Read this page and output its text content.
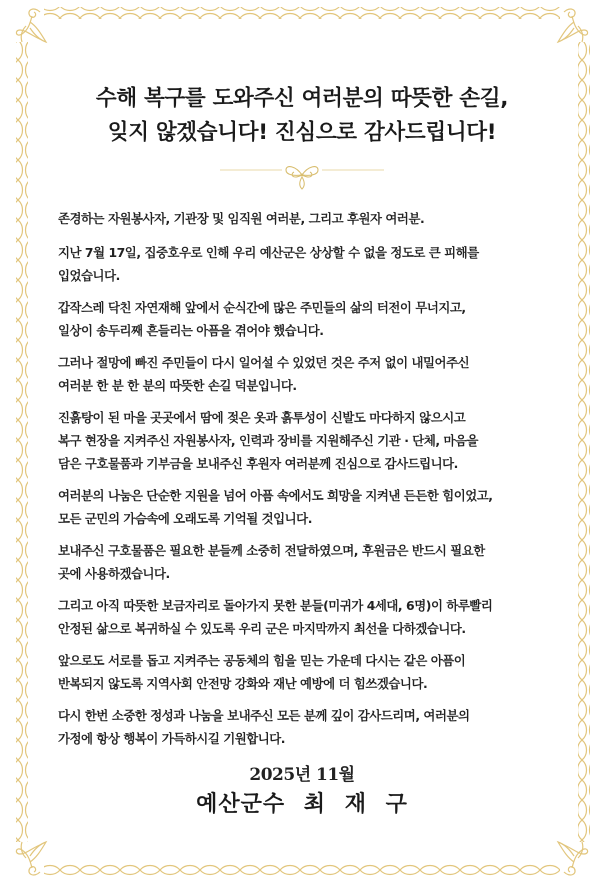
수해 복구를 도와주신 여러분의 따뜻한 손길,
잊지 않겠습니다! 진심으로 감사드립니다!

존경하는 자원봉사자, 기관장 및 임직원 여러분, 그리고 후원자 여러분.

지난 7월 17일, 집중호우로 인해 우리 예산군은 상상할 수 없을 정도로 큰 피해를
입었습니다.

갑작스레 닥친 자연재해 앞에서 순식간에 많은 주민들의 삶의 터전이 무너지고,
일상이 송두리째 흔들리는 아픔을 겪어야 했습니다.

그러나 절망에 빠진 주민들이 다시 일어설 수 있었던 것은 주저 없이 내밀어주신
여러분 한 분 한 분의 따뜻한 손길 덕분입니다.

진흙탕이 된 마을 곳곳에서 땀에 젖은 옷과 흙투성이 신발도 마다하지 않으시고
복구 현장을 지켜주신 자원봉사자, 인력과 장비를 지원해주신 기관 · 단체, 마음을
담은 구호물품과 기부금을 보내주신 후원자 여러분께 진심으로 감사드립니다.

여러분의 나눔은 단순한 지원을 넘어 아픔 속에서도 희망을 지켜낸 든든한 힘이었고,
모든 군민의 가슴속에 오래도록 기억될 것입니다.

보내주신 구호물품은 필요한 분들께 소중히 전달하였으며, 후원금은 반드시 필요한
곳에 사용하겠습니다.

그리고 아직 따뜻한 보금자리로 돌아가지 못한 분들(미귀가 4세대, 6명)이 하루빨리
안정된 삶으로 복귀하실 수 있도록 우리 군은 마지막까지 최선을 다하겠습니다.

앞으로도 서로를 돕고 지켜주는 공동체의 힘을 믿는 가운데 다시는 같은 아픔이
반복되지 않도록 지역사회 안전망 강화와 재난 예방에 더 힘쓰겠습니다.

다시 한번 소중한 정성과 나눔을 보내주신 모든 분께 깊이 감사드리며, 여러분의
가정에 항상 행복이 가득하시길 기원합니다.

2025년 11월
예산군수 최 재 구
